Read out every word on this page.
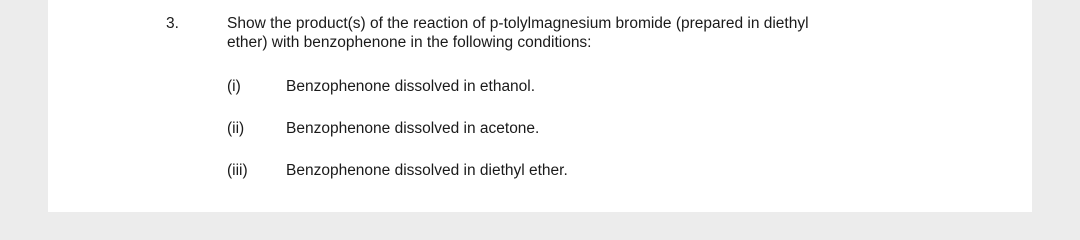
3.	Show the product(s) of the reaction of p-tolylmagnesium bromide (prepared in diethyl
ether) with benzophenone in the following conditions:
(i)	Benzophenone dissolved in ethanol.
(ii)	Benzophenone dissolved in acetone.
(iii) Benzophenone dissolved in diethyl ether.
